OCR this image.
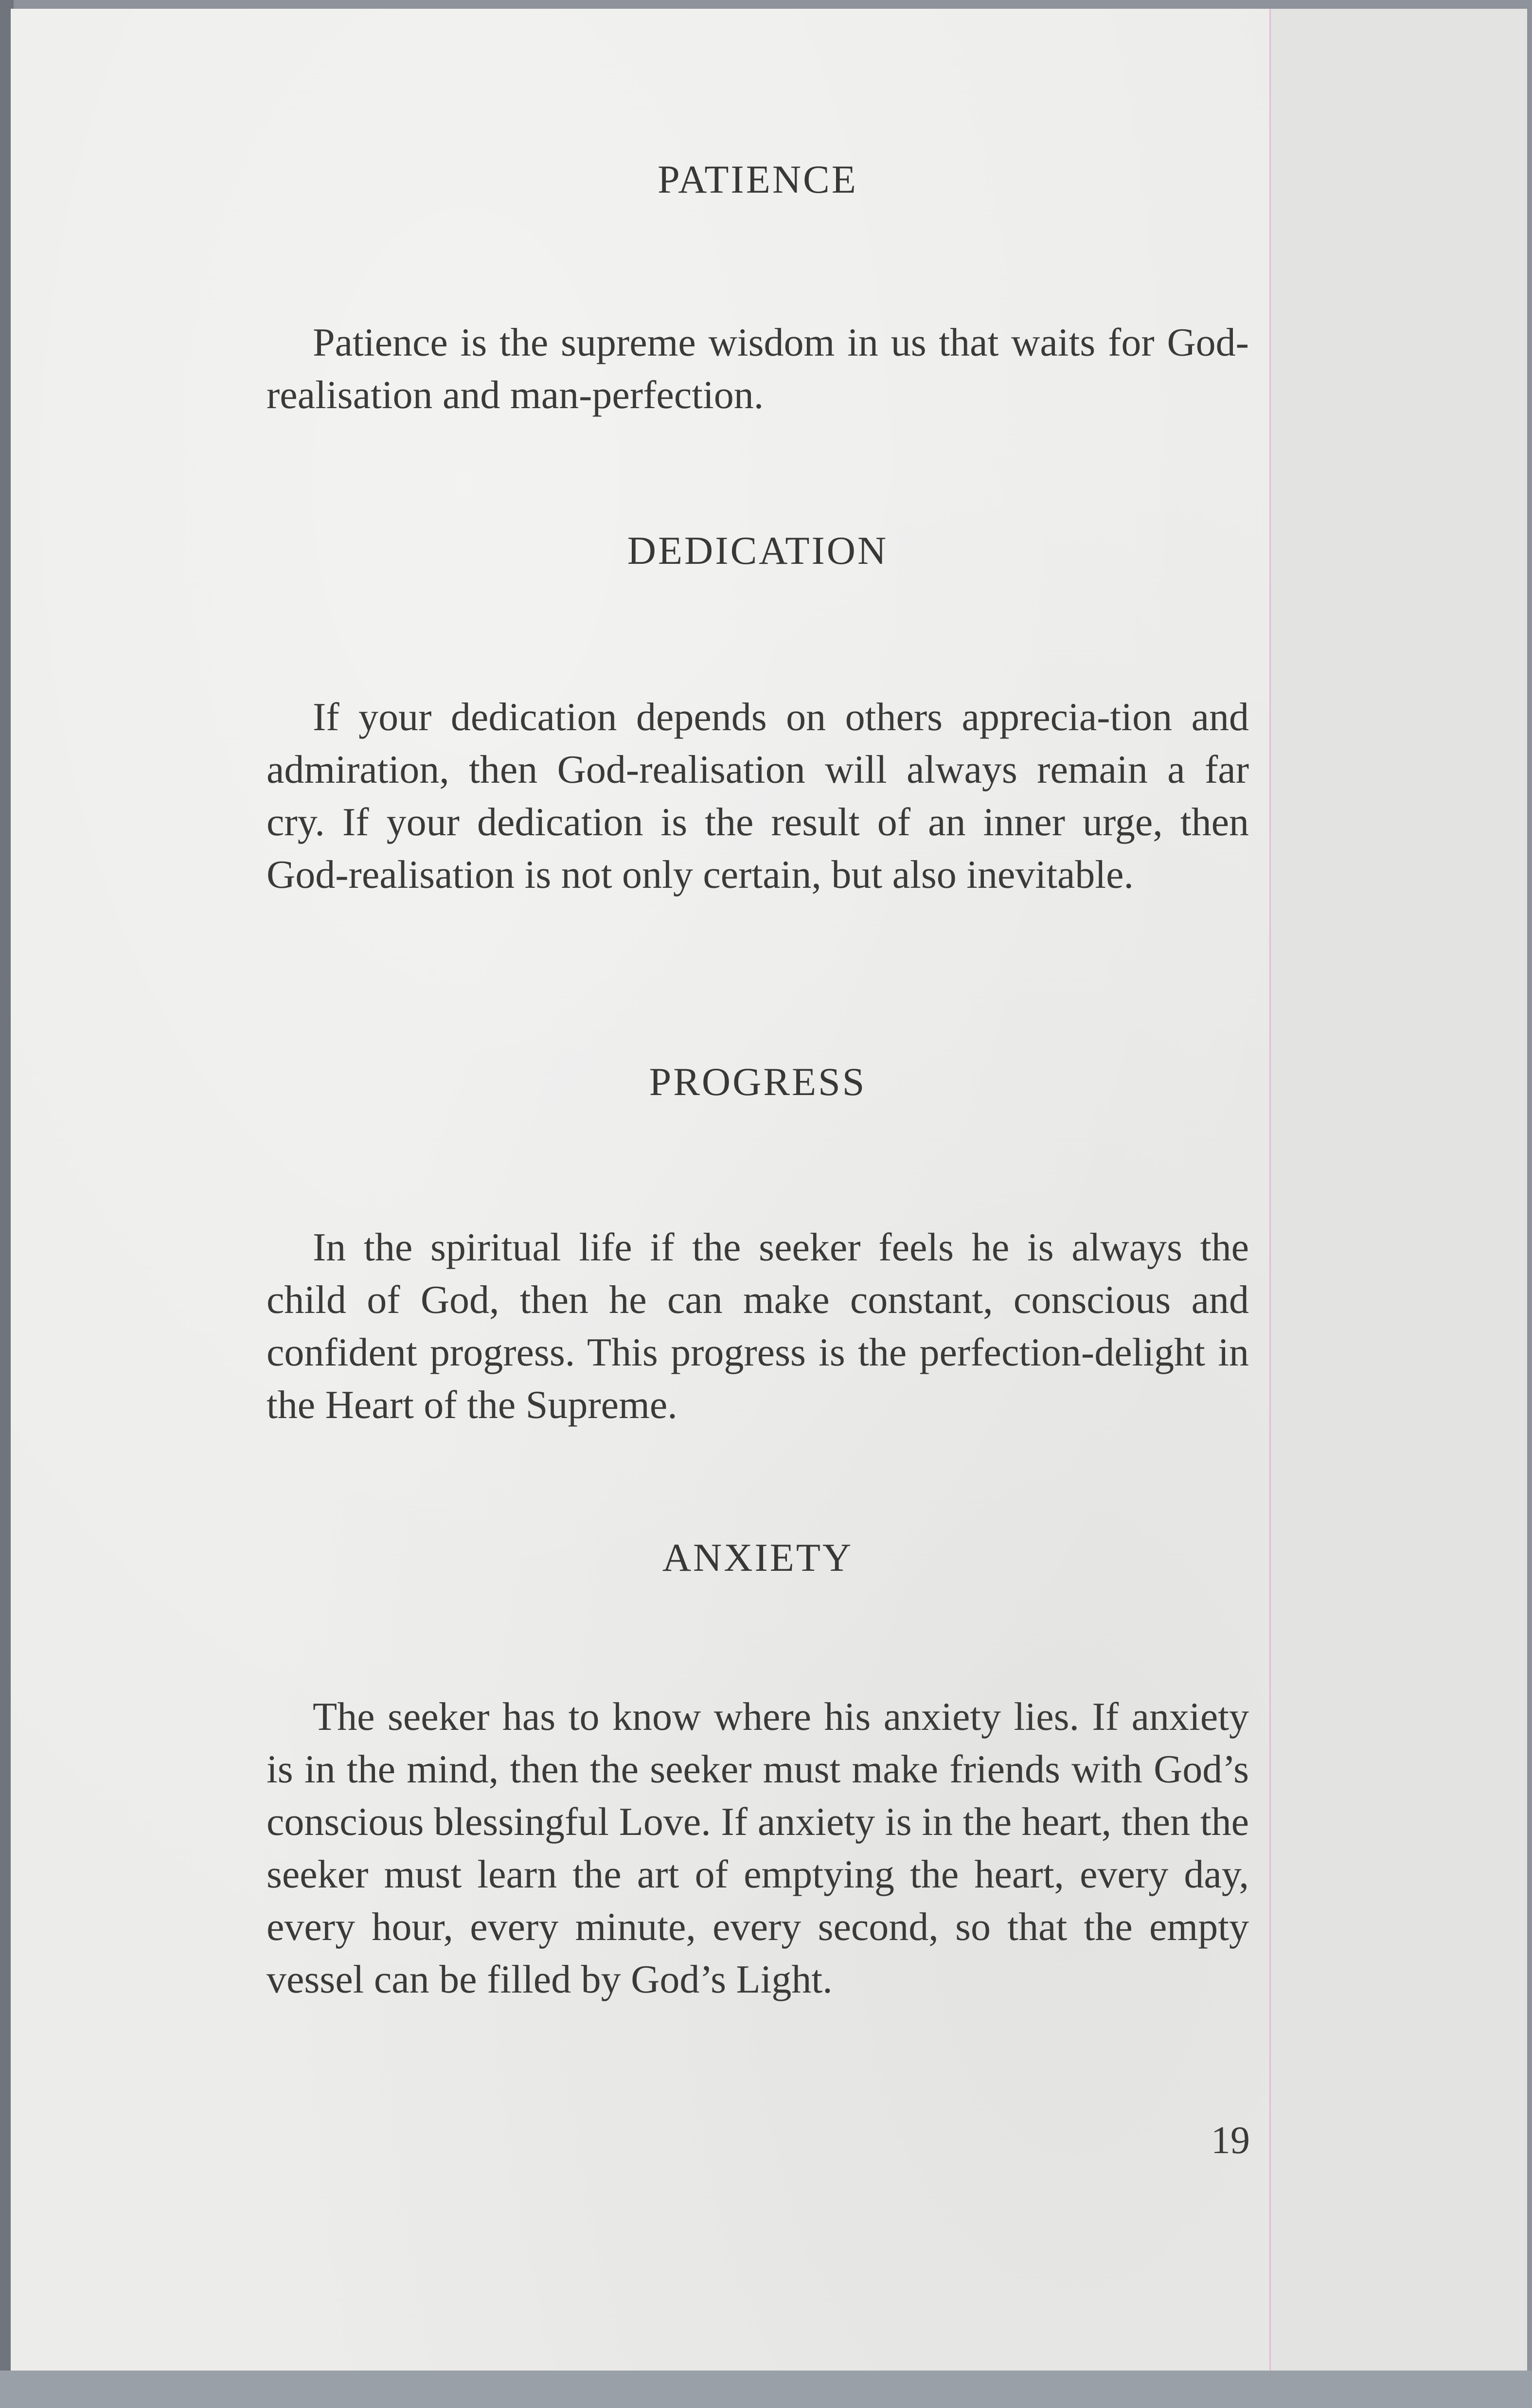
PATIENCE

Patience is the supreme wisdom in us that waits for God-realisation and man-perfection.

DEDICATION

If your dedication depends on others apprecia-tion and admiration, then God-realisation will always remain a far cry. If your dedication is the result of an inner urge, then God-realisation is not only certain, but also inevitable.

PROGRESS

In the spiritual life if the seeker feels he is always the child of God, then he can make constant, conscious and confident progress. This progress is the perfection-delight in the Heart of the Supreme.

ANXIETY

The seeker has to know where his anxiety lies. If anxiety is in the mind, then the seeker must make friends with God’s conscious blessingful Love. If anxiety is in the heart, then the seeker must learn the art of emptying the heart, every day, every hour, every minute, every second, so that the empty vessel can be filled by God’s Light.

19
